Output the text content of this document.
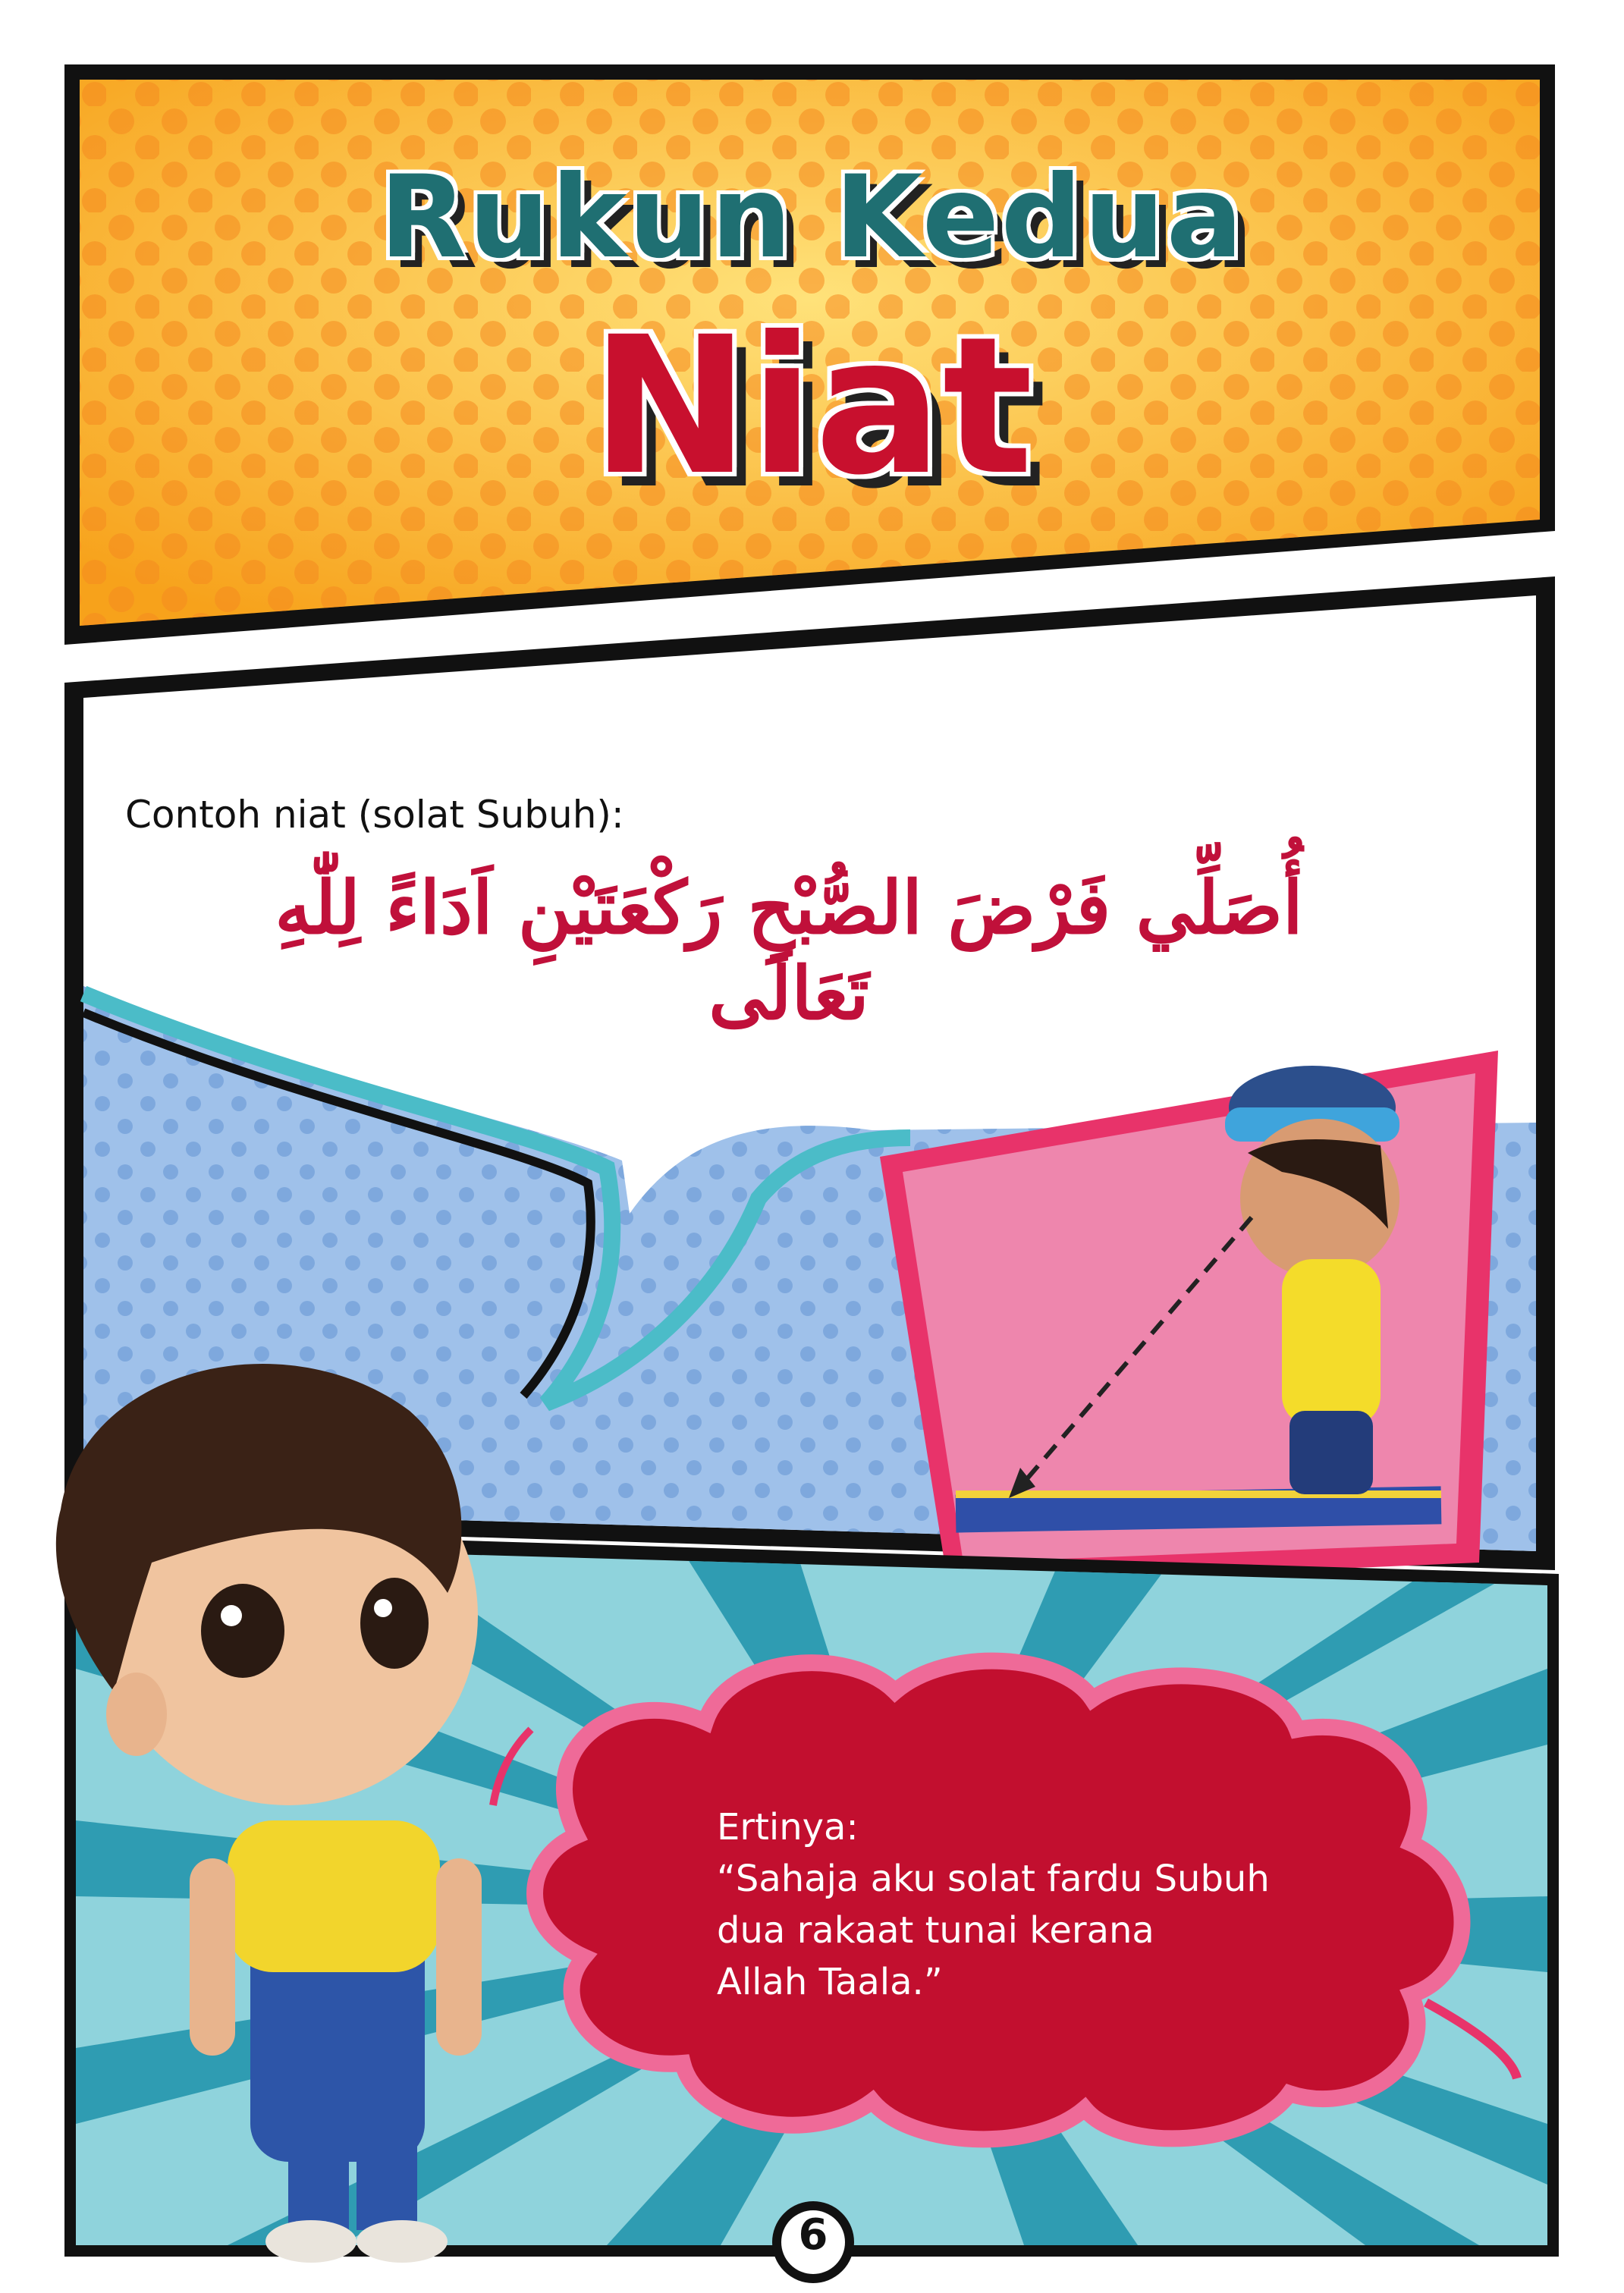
Rukun Kedua
Niat
Contoh niat (solat Subuh):
أُصَلِّي فَرْضَ الصُّبْحِ رَكْعَتَيْنِ اَدَاءً لِلّٰهِ تَعَالَى
Ertinya:
“Sahaja aku solat fardu Subuh
dua rakaat tunai kerana
Allah Taala.”
6
